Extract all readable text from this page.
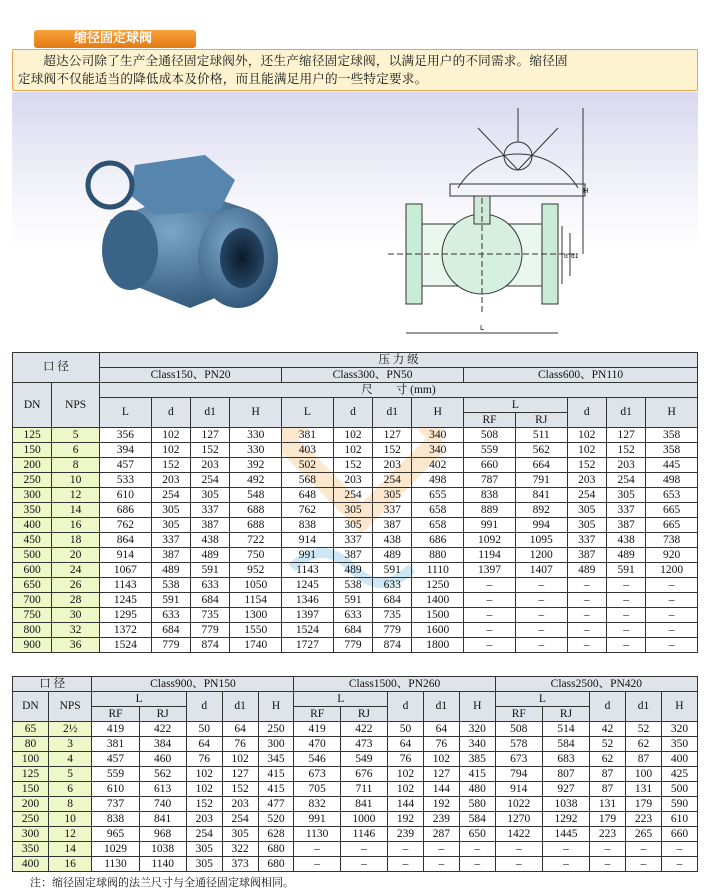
缩径固定球阀

超达公司除了生产全通径固定球阀外，还生产缩径固定球阀，以满足用户的不同需求。缩径固

定球阀不仅能适当的降低成本及价格，而且能满足用户的一些特定要求。

H
d d1
L
口 径		压 力 级												
		Class150、PN20				Class300、PN50				Class600、PN110				
DN	NPS	尺　　寸 (mm)												
		L	d	d1	H	L	d	d1	H	L		d	d1	H
										RF	RJ			
125	5	356	102	127	330	381	102	127	340	508	511	102	127	358
150	6	394	102	152	330	403	102	152	340	559	562	102	152	358
200	8	457	152	203	392	502	152	203	402	660	664	152	203	445
250	10	533	203	254	492	568	203	254	498	787	791	203	254	498
300	12	610	254	305	548	648	254	305	655	838	841	254	305	653
350	14	686	305	337	688	762	305	337	658	889	892	305	337	665
400	16	762	305	387	688	838	305	387	658	991	994	305	387	665
450	18	864	337	438	722	914	337	438	686	1092	1095	337	438	738
500	20	914	387	489	750	991	387	489	880	1194	1200	387	489	920
600	24	1067	489	591	952	1143	489	591	1110	1397	1407	489	591	1200
650	26	1143	538	633	1050	1245	538	633	1250	–	–	–	–	–
700	28	1245	591	684	1154	1346	591	684	1400	–	–	–	–	–
750	30	1295	633	735	1300	1397	633	735	1500	–	–	–	–	–
800	32	1372	684	779	1550	1524	684	779	1600	–	–	–	–	–
900	36	1524	779	874	1740	1727	779	874	1800	–	–	–	–	–
口 径		Class900、PN150					Class1500、PN260					Class2500、PN420				
DN	NPS	L		d	d1	H	L		d	d1	H	L		d	d1	H
		RF	RJ				RF	RJ				RF	RJ			
65	2½	419	422	50	64	250	419	422	50	64	320	508	514	42	52	320
80	3	381	384	64	76	300	470	473	64	76	340	578	584	52	62	350
100	4	457	460	76	102	345	546	549	76	102	385	673	683	62	87	400
125	5	559	562	102	127	415	673	676	102	127	415	794	807	87	100	425
150	6	610	613	102	152	415	705	711	102	144	480	914	927	87	131	500
200	8	737	740	152	203	477	832	841	144	192	580	1022	1038	131	179	590
250	10	838	841	203	254	520	991	1000	192	239	584	1270	1292	179	223	610
300	12	965	968	254	305	628	1130	1146	239	287	650	1422	1445	223	265	660
350	14	1029	1038	305	322	680	–	–	–	–	–	–	–	–	–	–
400	16	1130	1140	305	373	680	–	–	–	–	–	–	–	–	–	–
注：缩径固定球阀的法兰尺寸与全通径固定球阀相同。
